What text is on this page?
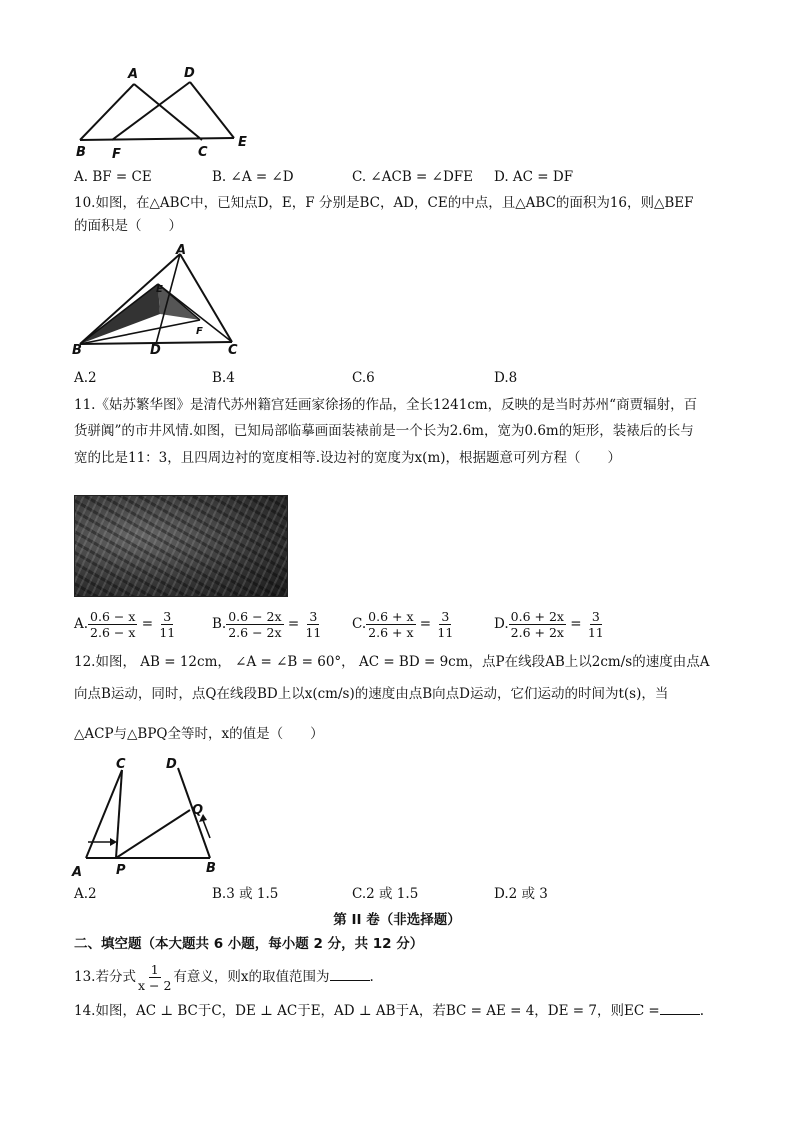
A	D
B F	C
E
A. BF = CE	B. ∠A = ∠D	C. ∠ACB = ∠DFE D. AC = DF
10.如图，在△ABC中，已知点D，E，F 分别是BC，AD，CE的中点，且△ABC的面积为16，则△BEF
的面积是（　　）
A
E
F
B	D	C
A.2	B.4	C.6	D.8
11.《姑苏繁华图》是清代苏州籍宫廷画家徐扬的作品，全长1241cm，反映的是当时苏州“商贾辐射，百
货骈阗”的市井风情.如图，已知局部临摹画面装裱前是一个长为2.6m，宽为0.6m的矩形，装裱后的长与
宽的比是11：3，且四周边衬的宽度相等.设边衬的宽度为x(m)，根据题意可列方程（　　）
A. $\frac{0.6 - x}{2.6 - x} = \frac{3}{11}$	B. $\frac{0.6 - 2x}{2.6 - 2x} = \frac{3}{11} C$. $\frac{0.6 + x}{2.6 + x} = \frac{3}{11}$	D. $\frac{0.6 + 2x}{2.6 + 2x} = \frac{3}{11}$
12.如图， AB = 12cm， ∠A = ∠B = 60°， AC = BD = 9cm，点P在线段AB上以2cm/s的速度由点A
向点B运动，同时，点Q在线段BD上以x(cm/s)的速度由点B向点D运动，它们运动的时间为t(s)，当
△ACP与△BPQ全等时，x的值是（　　）
C	D
Q
A	P	B
A.2	B.3 或 1.5	C.2 或 1.5	D.2 或 3
第 II 卷（非选择题）
二、填空题（本大题共 6 小题，每小题 2 分，共 12 分）
13.若分式 $\frac{1}{x - 2}$ 有意义，则x的取值范围为	.
14.如图，AC ⊥ BC于C，DE ⊥ AC于E，AD ⊥ AB于A，若BC = AE = 4，DE = 7，则EC =	.
